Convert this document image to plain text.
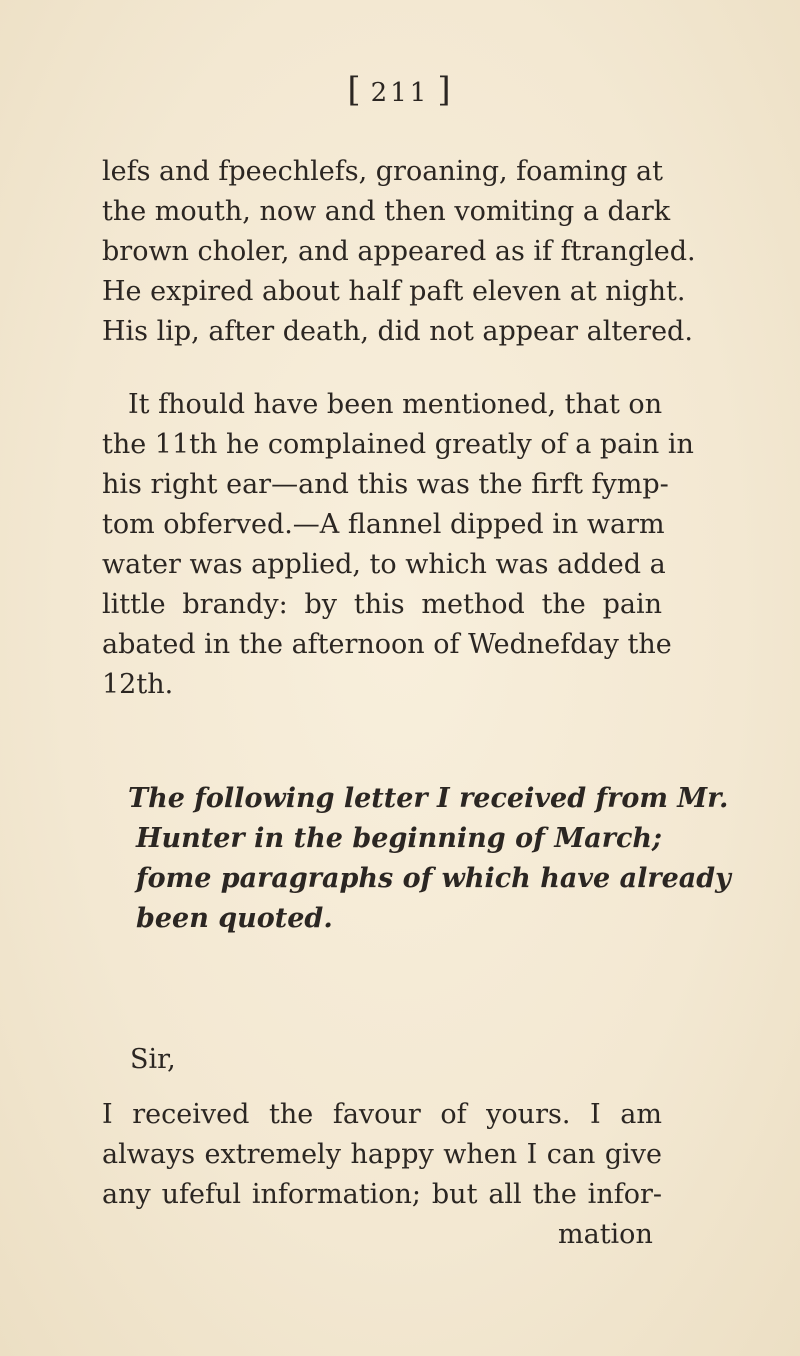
[ 211 ]
lefs and fpeechlefs, groaning, foaming at
the mouth, now and then vomiting a dark
brown choler, and appeared as if ftrangled.
He expired about half paft eleven at night.
His lip, after death, did not appear altered.
It fhould have been mentioned, that on
the 11th he complained greatly of a pain in
his right ear—and this was the firft fymp-
tom obferved.—A flannel dipped in warm
water was applied, to which was added a
little brandy: by this method the pain
abated in the afternoon of Wednefday the
12th.
The following letter I received from Mr.
Hunter in the beginning of March;
fome paragraphs of which have already
been quoted.

Sir,

I received the favour of yours. I am
always extremely happy when I can give
any ufeful information; but all the infor-

mation
